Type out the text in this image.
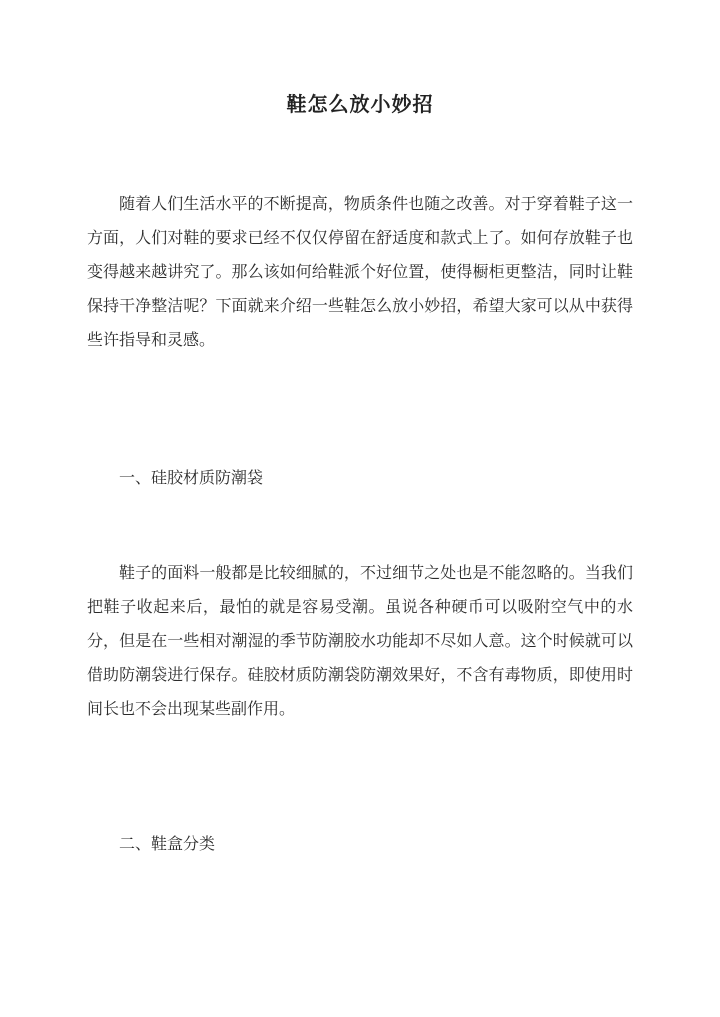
鞋怎么放小妙招

随着人们生活水平的不断提高，物质条件也随之改善。对于穿着鞋子这一方面，人们对鞋的要求已经不仅仅停留在舒适度和款式上了。如何存放鞋子也变得越来越讲究了。那么该如何给鞋派个好位置，使得橱柜更整洁，同时让鞋保持干净整洁呢？下面就来介绍一些鞋怎么放小妙招，希望大家可以从中获得些许指导和灵感。

一、硅胶材质防潮袋

鞋子的面料一般都是比较细腻的，不过细节之处也是不能忽略的。当我们把鞋子收起来后，最怕的就是容易受潮。虽说各种硬币可以吸附空气中的水分，但是在一些相对潮湿的季节防潮胶水功能却不尽如人意。这个时候就可以借助防潮袋进行保存。硅胶材质防潮袋防潮效果好，不含有毒物质，即使用时间长也不会出现某些副作用。

二、鞋盒分类
